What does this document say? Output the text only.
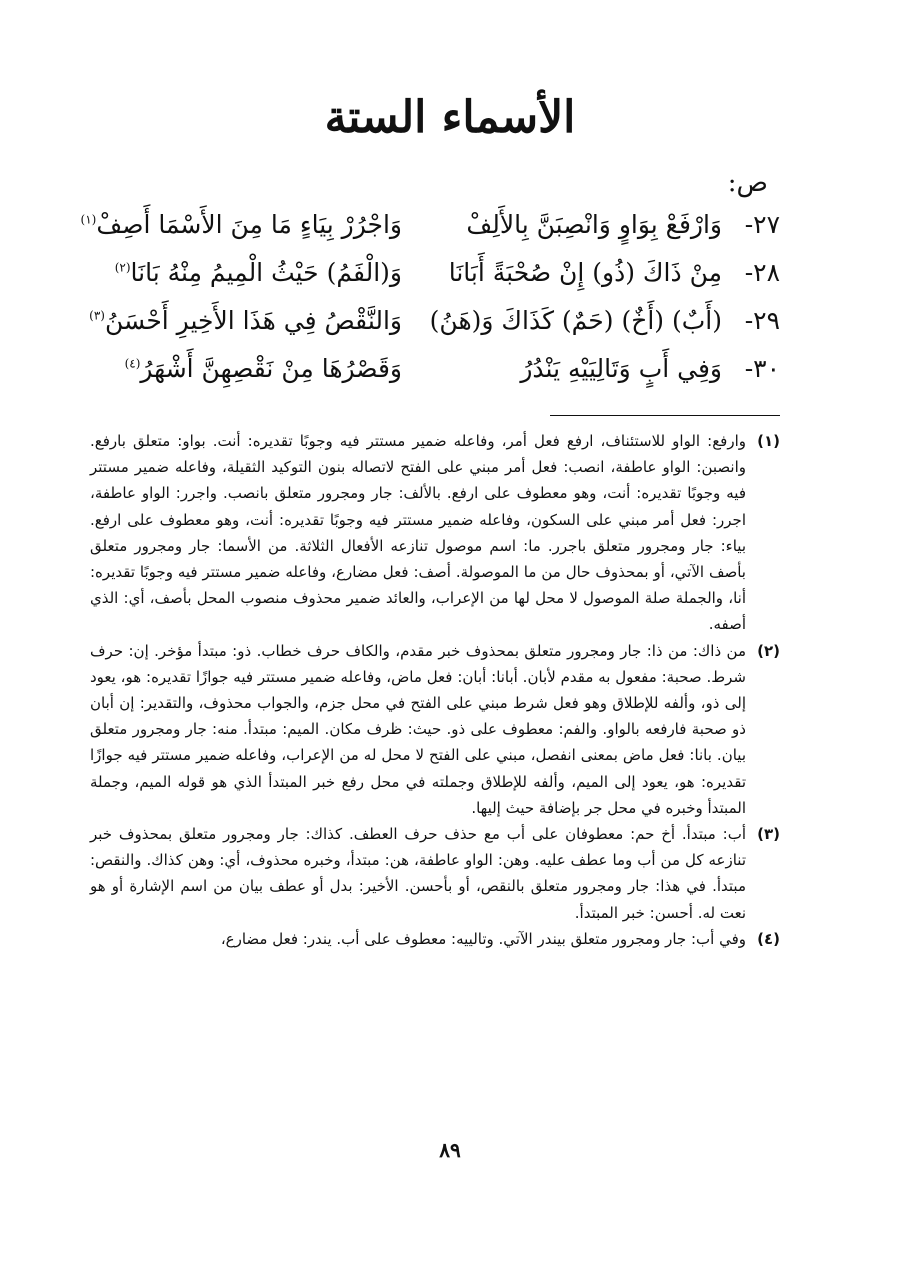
الأسماء الستة
ص:
٢٧-
وَارْفَعْ بِوَاوٍ وَانْصِبَنَّ بِالأَلِفْ
وَاجْرُرْ بِيَاءٍ مَا مِنَ الأَسْمَا أَصِفْ$^{(١)}$
٢٨-
مِنْ ذَاكَ (ذُو) إِنْ صُحْبَةً أَبَانَا
وَ(الْفَمُ) حَيْثُ الْمِيمُ مِنْهُ بَانَا$^{(٢)}$
٢٩-
(أَبٌ) (أَخٌ) (حَمٌ) كَذَاكَ وَ(هَنُ)
وَالنَّقْصُ فِي هَذَا الأَخِيرِ أَحْسَنُ$^{(٣)}$
٣٠-
وَفِي أَبٍ وَتَالِيَيْهِ يَنْدُرُ
وَقَصْرُهَا مِنْ نَقْصِهِنَّ أَشْهَرُ$^{(٤)}$
(١)
وارفع: الواو للاستئناف، ارفع فعل أمر، وفاعله ضمير مستتر فيه وجوبًا تقديره: أنت. بواو: متعلق بارفع. وانصبن: الواو عاطفة، انصب: فعل أمر مبني على الفتح لاتصاله بنون التوكيد الثقيلة، وفاعله ضمير مستتر فيه وجوبًا تقديره: أنت، وهو معطوف على ارفع. بالألف: جار ومجرور متعلق بانصب. واجرر: الواو عاطفة، اجرر: فعل أمر مبني على السكون، وفاعله ضمير مستتر فيه وجوبًا تقديره: أنت، وهو معطوف على ارفع. بياء: جار ومجرور متعلق باجرر. ما: اسم موصول تنازعه الأفعال الثلاثة. من الأسما: جار ومجرور متعلق بأصف الآتي، أو بمحذوف حال من ما الموصولة. أصف: فعل مضارع، وفاعله ضمير مستتر فيه وجوبًا تقديره: أنا، والجملة صلة الموصول لا محل لها من الإعراب، والعائد ضمير محذوف منصوب المحل بأصف، أي: الذي أصفه.
(٢)
من ذاك: من ذا: جار ومجرور متعلق بمحذوف خبر مقدم، والكاف حرف خطاب. ذو: مبتدأ مؤخر. إن: حرف شرط. صحبة: مفعول به مقدم لأبان. أبانا: أبان: فعل ماض، وفاعله ضمير مستتر فيه جوازًا تقديره: هو، يعود إلى ذو، وألفه للإطلاق وهو فعل شرط مبني على الفتح في محل جزم، والجواب محذوف، والتقدير: إن أبان ذو صحبة فارفعه بالواو. والفم: معطوف على ذو. حيث: ظرف مكان. الميم: مبتدأ. منه: جار ومجرور متعلق بيان. بانا: فعل ماض بمعنى انفصل، مبني على الفتح لا محل له من الإعراب، وفاعله ضمير مستتر فيه جوازًا تقديره: هو، يعود إلى الميم، وألفه للإطلاق وجملته في محل رفع خبر المبتدأ الذي هو قوله الميم، وجملة المبتدأ وخبره في محل جر بإضافة حيث إليها.
(٣)
أب: مبتدأ. أخ حم: معطوفان على أب مع حذف حرف العطف. كذاك: جار ومجرور متعلق بمحذوف خبر تنازعه كل من أب وما عطف عليه. وهن: الواو عاطفة، هن: مبتدأ، وخبره محذوف، أي: وهن كذاك. والنقص: مبتدأ. في هذا: جار ومجرور متعلق بالنقص، أو بأحسن. الأخير: بدل أو عطف بيان من اسم الإشارة أو هو نعت له. أحسن: خبر المبتدأ.
(٤)
وفي أب: جار ومجرور متعلق بيندر الآتي. وتالييه: معطوف على أب. يندر: فعل مضارع،
٨٩
